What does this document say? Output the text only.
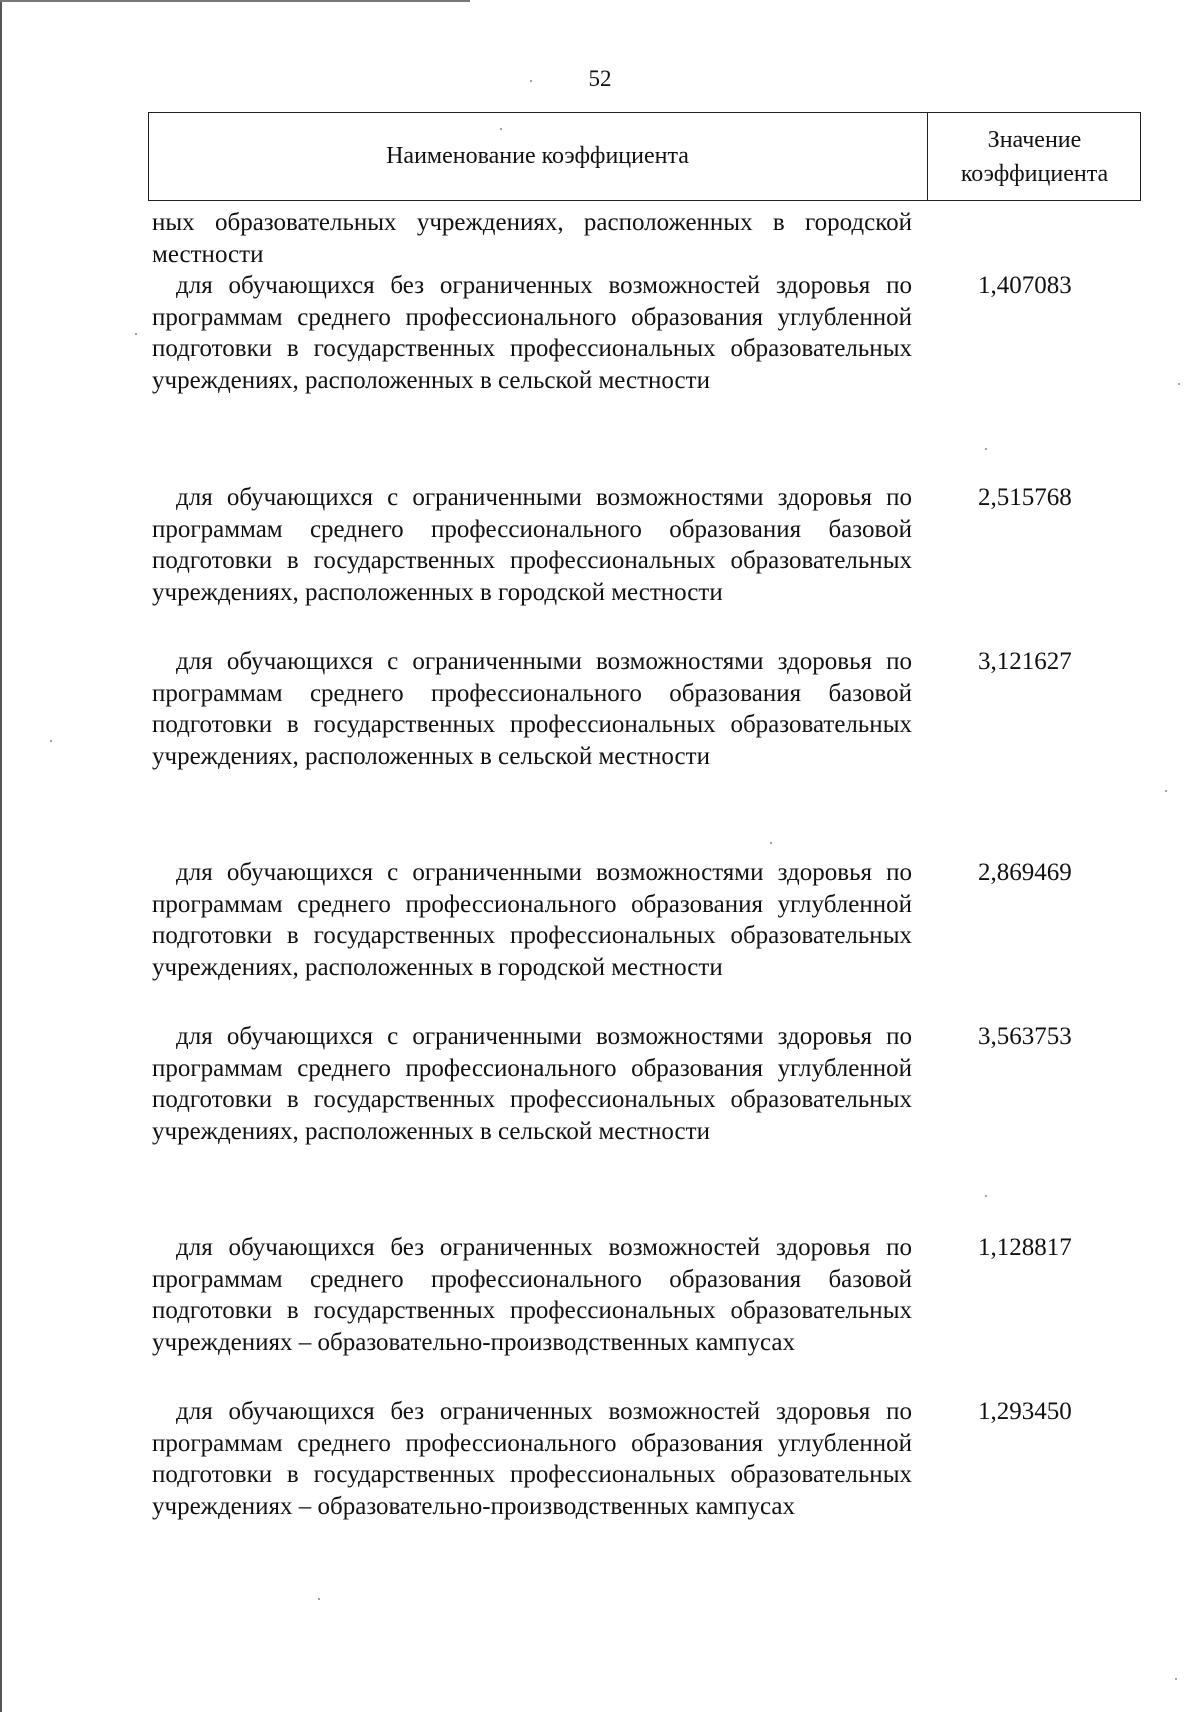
52
Наименование коэффициента
Значение
коэффициента
ных образовательных учреждениях, расположенных в городской местности
для обучающихся без ограниченных возможностей здоровья по программам среднего профессионального образования углубленной подготовки в государственных профессиональных образовательных учреждениях, расположенных в сельской местности
1,407083
для обучающихся с ограниченными возможностями здоровья по программам среднего профессионального образования базовой подготовки в государственных профессиональных образовательных учреждениях, расположенных в городской местности
2,515768
для обучающихся с ограниченными возможностями здоровья по программам среднего профессионального образования базовой подготовки в государственных профессиональных образовательных учреждениях, расположенных в сельской местности
3,121627
для обучающихся с ограниченными возможностями здоровья по программам среднего профессионального образования углубленной подготовки в государственных профессиональных образовательных учреждениях, расположенных в городской местности
2,869469
для обучающихся с ограниченными возможностями здоровья по программам среднего профессионального образования углубленной подготовки в государственных профессиональных образовательных учреждениях, расположенных в сельской местности
3,563753
для обучающихся без ограниченных возможностей здоровья по программам среднего профессионального образования базовой подготовки в государственных профессиональных образовательных учреждениях – образовательно-производственных кампусах
1,128817
для обучающихся без ограниченных возможностей здоровья по программам среднего профессионального образования углубленной подготовки в государственных профессиональных образовательных учреждениях – образовательно-производственных кампусах
1,293450
